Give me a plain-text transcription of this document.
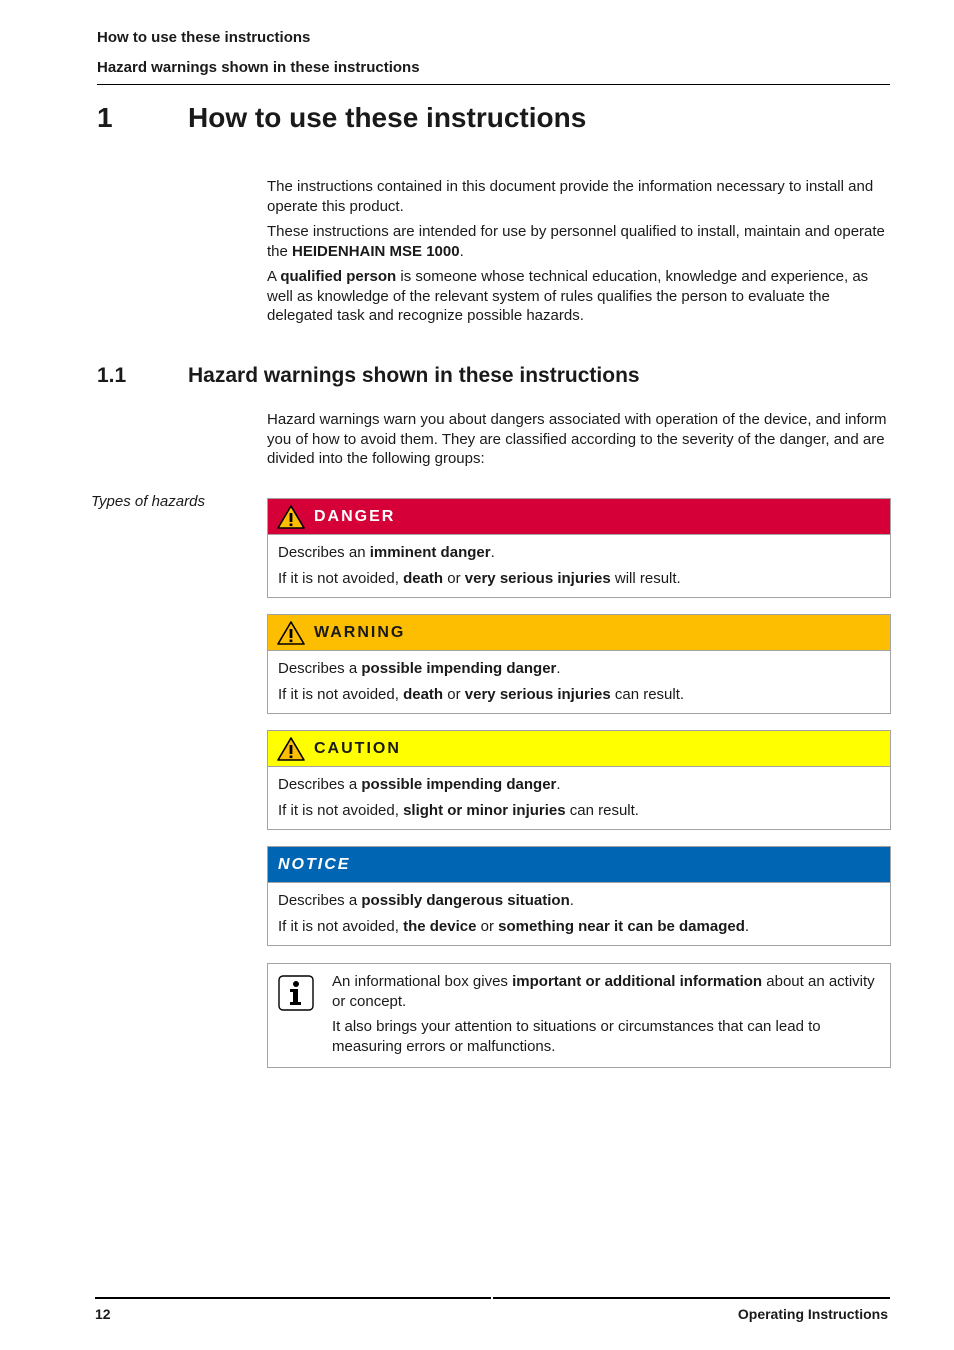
How to use these instructions
Hazard warnings shown in these instructions
1	How to use these instructions

The instructions contained in this document provide the information necessary to install and operate this product.

These instructions are intended for use by personnel qualified to install, maintain and operate the HEIDENHAIN MSE 1000.

A qualified person is someone whose technical education, knowledge and experience, as well as knowledge of the relevant system of rules qualifies the person to evaluate the delegated task and recognize possible hazards.

1.1	Hazard warnings shown in these instructions

Hazard warnings warn you about dangers associated with operation of the device, and inform you of how to avoid them. They are classified according to the severity of the danger, and are divided into the following groups:

Types of hazards
DANGER

Describes an imminent danger.

If it is not avoided, death or very serious injuries will result.

WARNING

Describes a possible impending danger.

If it is not avoided, death or very serious injuries can result.

CAUTION

Describes a possible impending danger.

If it is not avoided, slight or minor injuries can result.

NOTICE

Describes a possibly dangerous situation.

If it is not avoided, the device or something near it can be damaged.

An informational box gives important or additional information about an activity or concept.

It also brings your attention to situations or circumstances that can lead to measuring errors or malfunctions.

12	Operating Instructions
